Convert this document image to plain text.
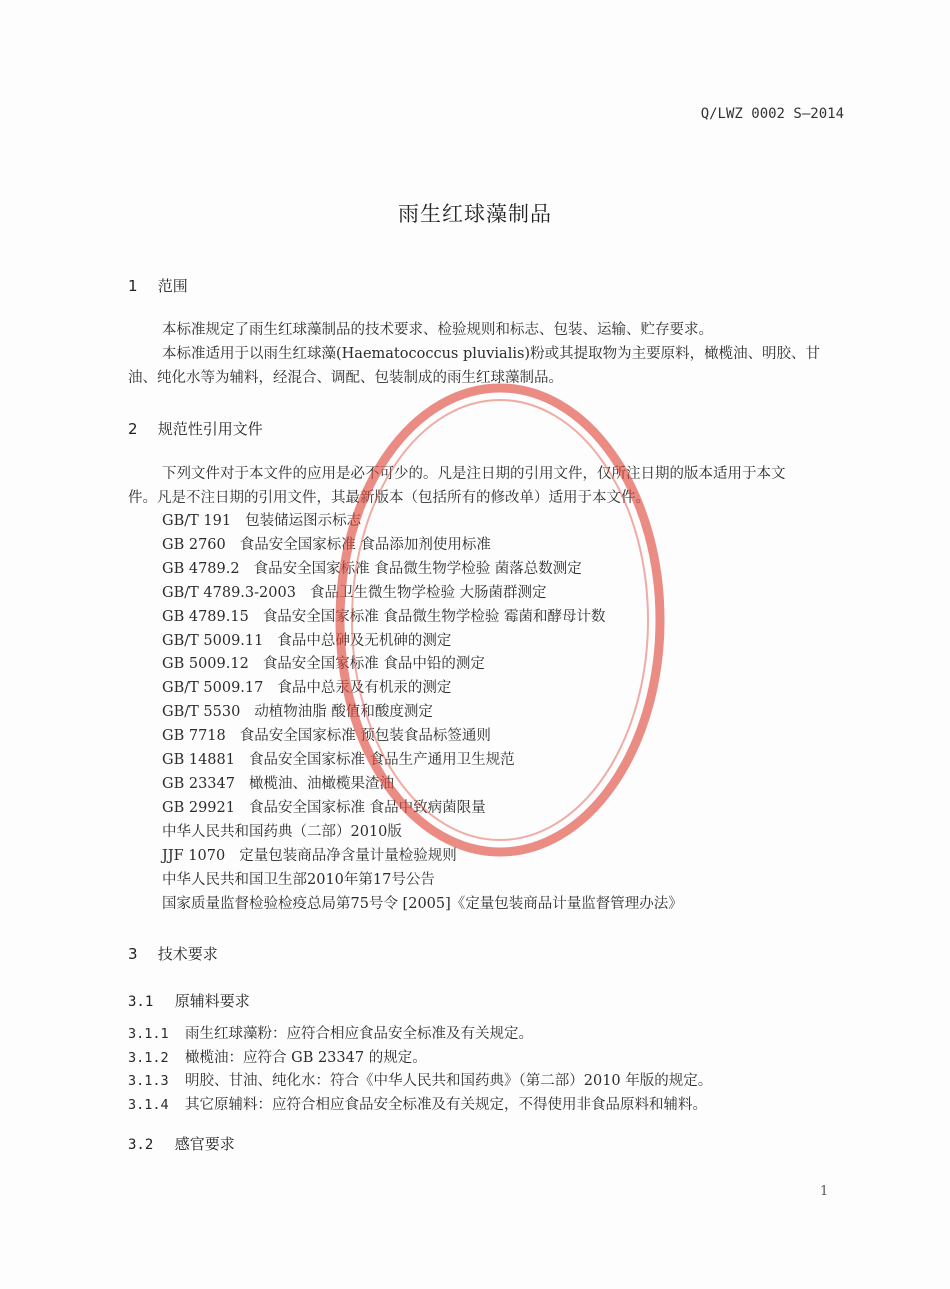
Q/LWZ 0002 S—2014
雨生红球藻制品
1 范围
本标准规定了雨生红球藻制品的技术要求、检验规则和标志、包装、运输、贮存要求。
本标准适用于以雨生红球藻(Haematococcus pluvialis)粉或其提取物为主要原料，橄榄油、明胶、甘
油、纯化水等为辅料，经混合、调配、包装制成的雨生红球藻制品。
2 规范性引用文件
下列文件对于本文件的应用是必不可少的。凡是注日期的引用文件，仅所注日期的版本适用于本文
件。凡是不注日期的引用文件，其最新版本（包括所有的修改单）适用于本文件。
GB/T 191 包装储运图示标志
GB 2760 食品安全国家标准 食品添加剂使用标准
GB 4789.2 食品安全国家标准 食品微生物学检验 菌落总数测定
GB/T 4789.3-2003 食品卫生微生物学检验 大肠菌群测定
GB 4789.15 食品安全国家标准 食品微生物学检验 霉菌和酵母计数
GB/T 5009.11 食品中总砷及无机砷的测定
GB 5009.12 食品安全国家标准 食品中铅的测定
GB/T 5009.17 食品中总汞及有机汞的测定
GB/T 5530 动植物油脂 酸值和酸度测定
GB 7718 食品安全国家标准 预包装食品标签通则
GB 14881 食品安全国家标准 食品生产通用卫生规范
GB 23347 橄榄油、油橄榄果渣油
GB 29921 食品安全国家标准 食品中致病菌限量
中华人民共和国药典（二部）2010版
JJF 1070 定量包装商品净含量计量检验规则
中华人民共和国卫生部2010年第17号公告
国家质量监督检验检疫总局第75号令 [2005]《定量包装商品计量监督管理办法》
3 技术要求
3.1 原辅料要求
3.1.1 雨生红球藻粉：应符合相应食品安全标准及有关规定。
3.1.2 橄榄油：应符合 GB 23347 的规定。
3.1.3 明胶、甘油、纯化水：符合《中华人民共和国药典》（第二部）2010 年版的规定。
3.1.4 其它原辅料：应符合相应食品安全标准及有关规定，不得使用非食品原料和辅料。
3.2 感官要求
1
